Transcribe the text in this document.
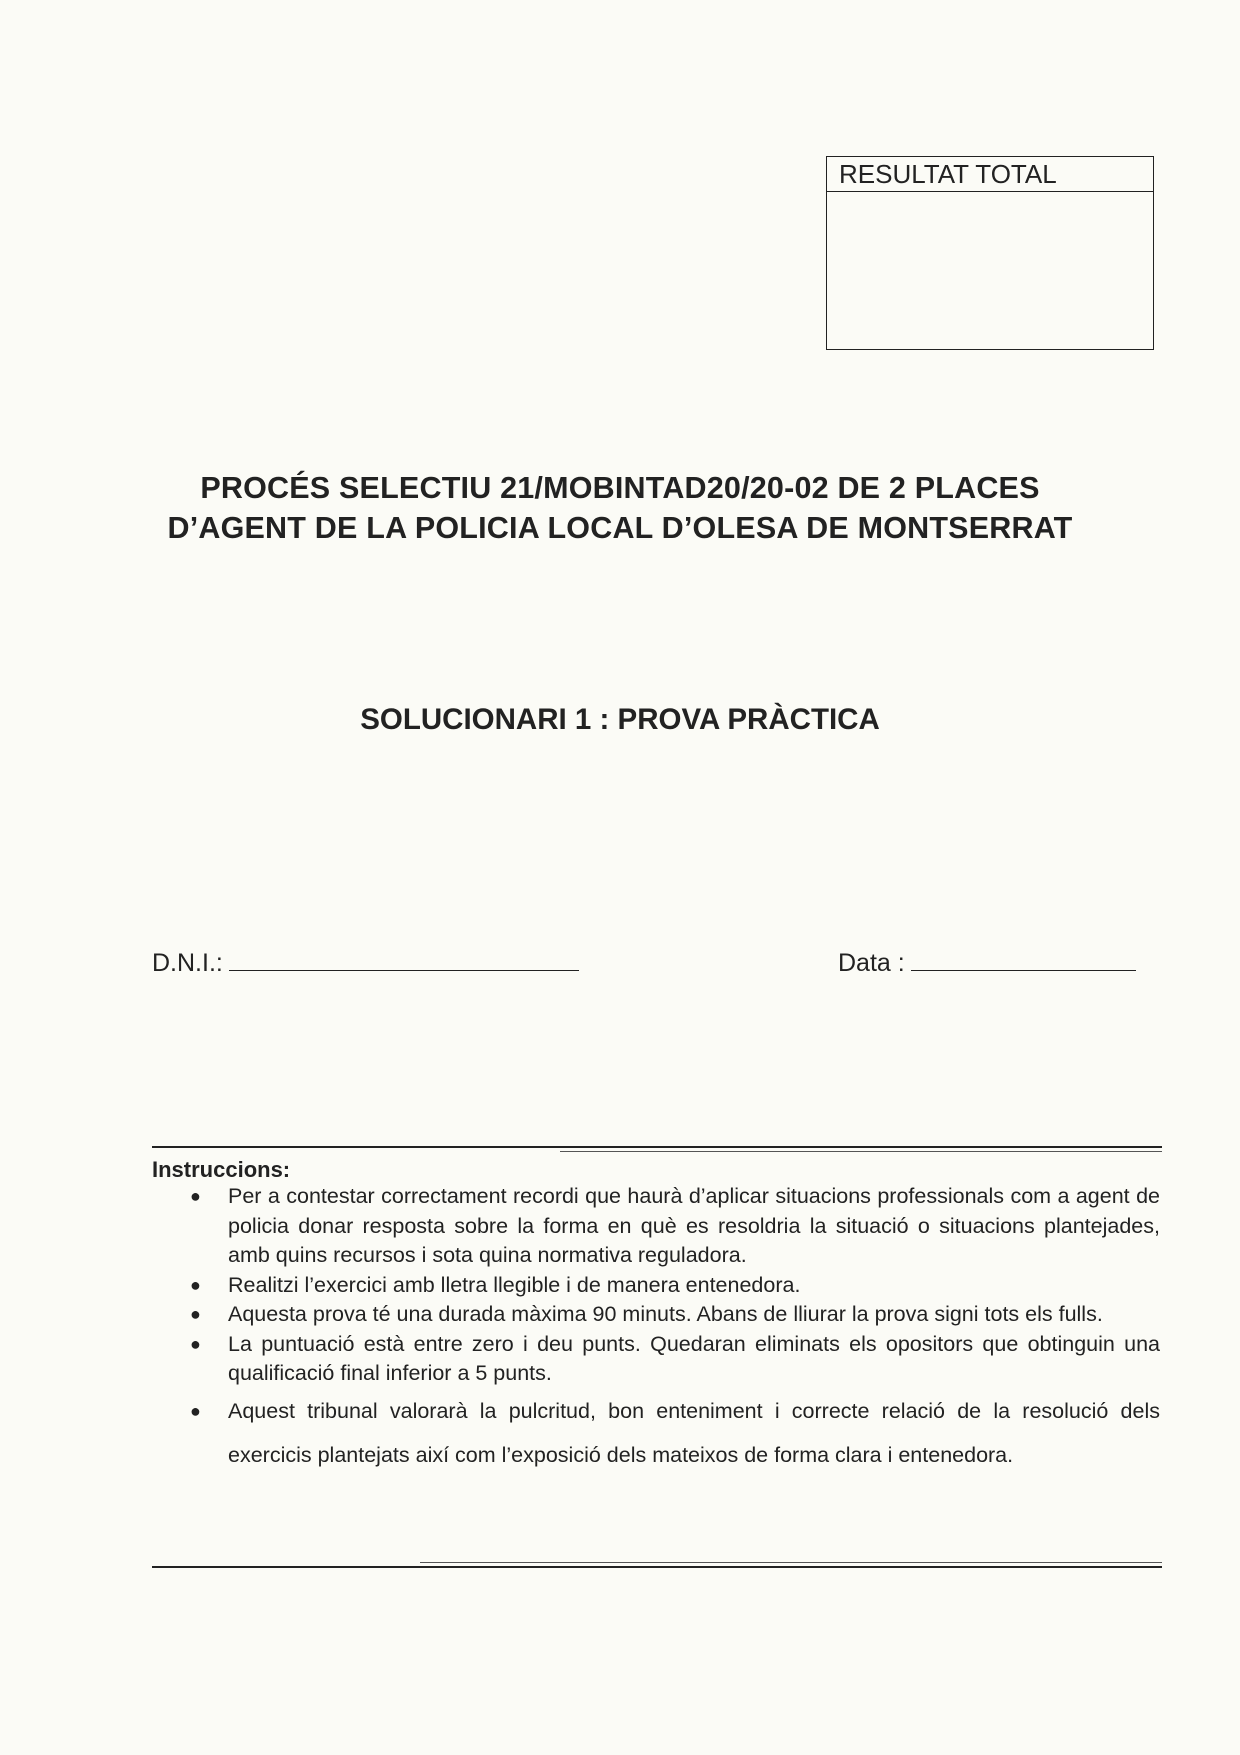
RESULTAT TOTAL
PROCÉS SELECTIU 21/MOBINTAD20/20-02 DE 2 PLACES
D’AGENT DE LA POLICIA LOCAL D’OLESA DE MONTSERRAT
SOLUCIONARI 1 : PROVA PRÀCTICA
D.N.I.:	Data :
Instruccions:
● Per a contestar correctament recordi que haurà d’aplicar situacions professionals com a agent de policia donar resposta sobre la forma en què es resoldria la situació o situacions plantejades, amb quins recursos i sota quina normativa reguladora.
● Realitzi l’exercici amb lletra llegible i de manera entenedora.
● Aquesta prova té una durada màxima 90 minuts. Abans de lliurar la prova signi tots els fulls.
● La puntuació està entre zero i deu punts. Quedaran eliminats els opositors que obtinguin una qualificació final inferior a 5 punts.
● Aquest tribunal valorarà la pulcritud, bon enteniment i correcte relació de la resolució dels exercicis plantejats així com l’exposició dels mateixos de forma clara i entenedora.
